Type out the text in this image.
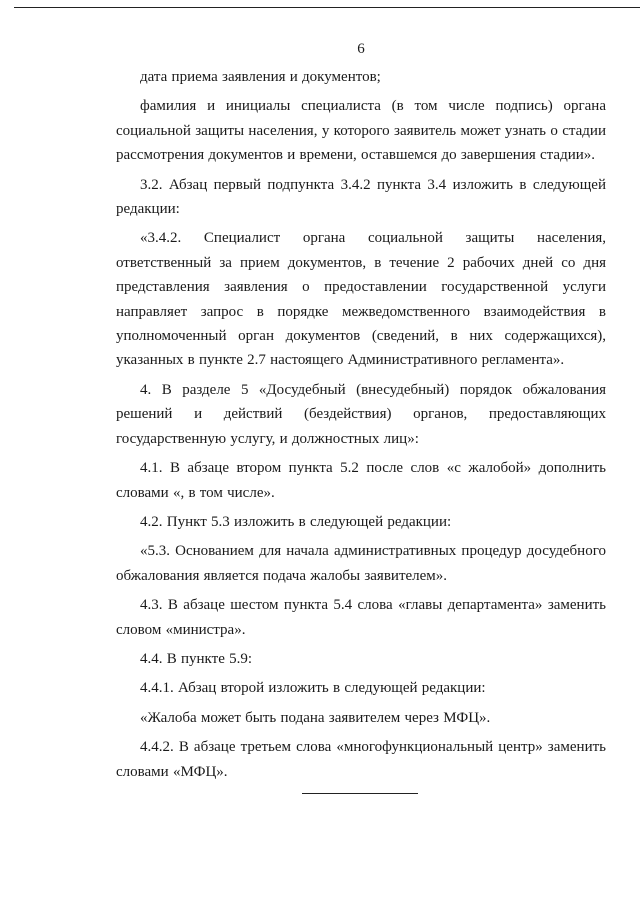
6

дата приема заявления и документов;

фамилия и инициалы специалиста (в том числе подпись) органа социальной защиты населения, у которого заявитель может узнать о стадии рассмотрения документов и времени, оставшемся до завершения стадии».

3.2. Абзац первый подпункта 3.4.2 пункта 3.4 изложить в следующей редакции:

«3.4.2. Специалист органа социальной защиты населения, ответственный за прием документов, в течение 2 рабочих дней со дня представления заявления о предоставлении государственной услуги направляет запрос в порядке межведомственного взаимодействия в уполномоченный орган документов (сведений, в них содержащихся), указанных в пункте 2.7 настоящего Административного регламента».

4. В разделе 5 «Досудебный (внесудебный) порядок обжалования решений и действий (бездействия) органов, предоставляющих государственную услугу, и должностных лиц»:

4.1. В абзаце втором пункта 5.2 после слов «с жалобой» дополнить словами «, в том числе».

4.2. Пункт 5.3 изложить в следующей редакции:

«5.3. Основанием для начала административных процедур досудебного обжалования является подача жалобы заявителем».

4.3. В абзаце шестом пункта 5.4 слова «главы департамента» заменить словом «министра».

4.4. В пункте 5.9:

4.4.1. Абзац второй изложить в следующей редакции:

«Жалоба может быть подана заявителем через МФЦ».

4.4.2. В абзаце третьем слова «многофункциональный центр» заменить словами «МФЦ».
